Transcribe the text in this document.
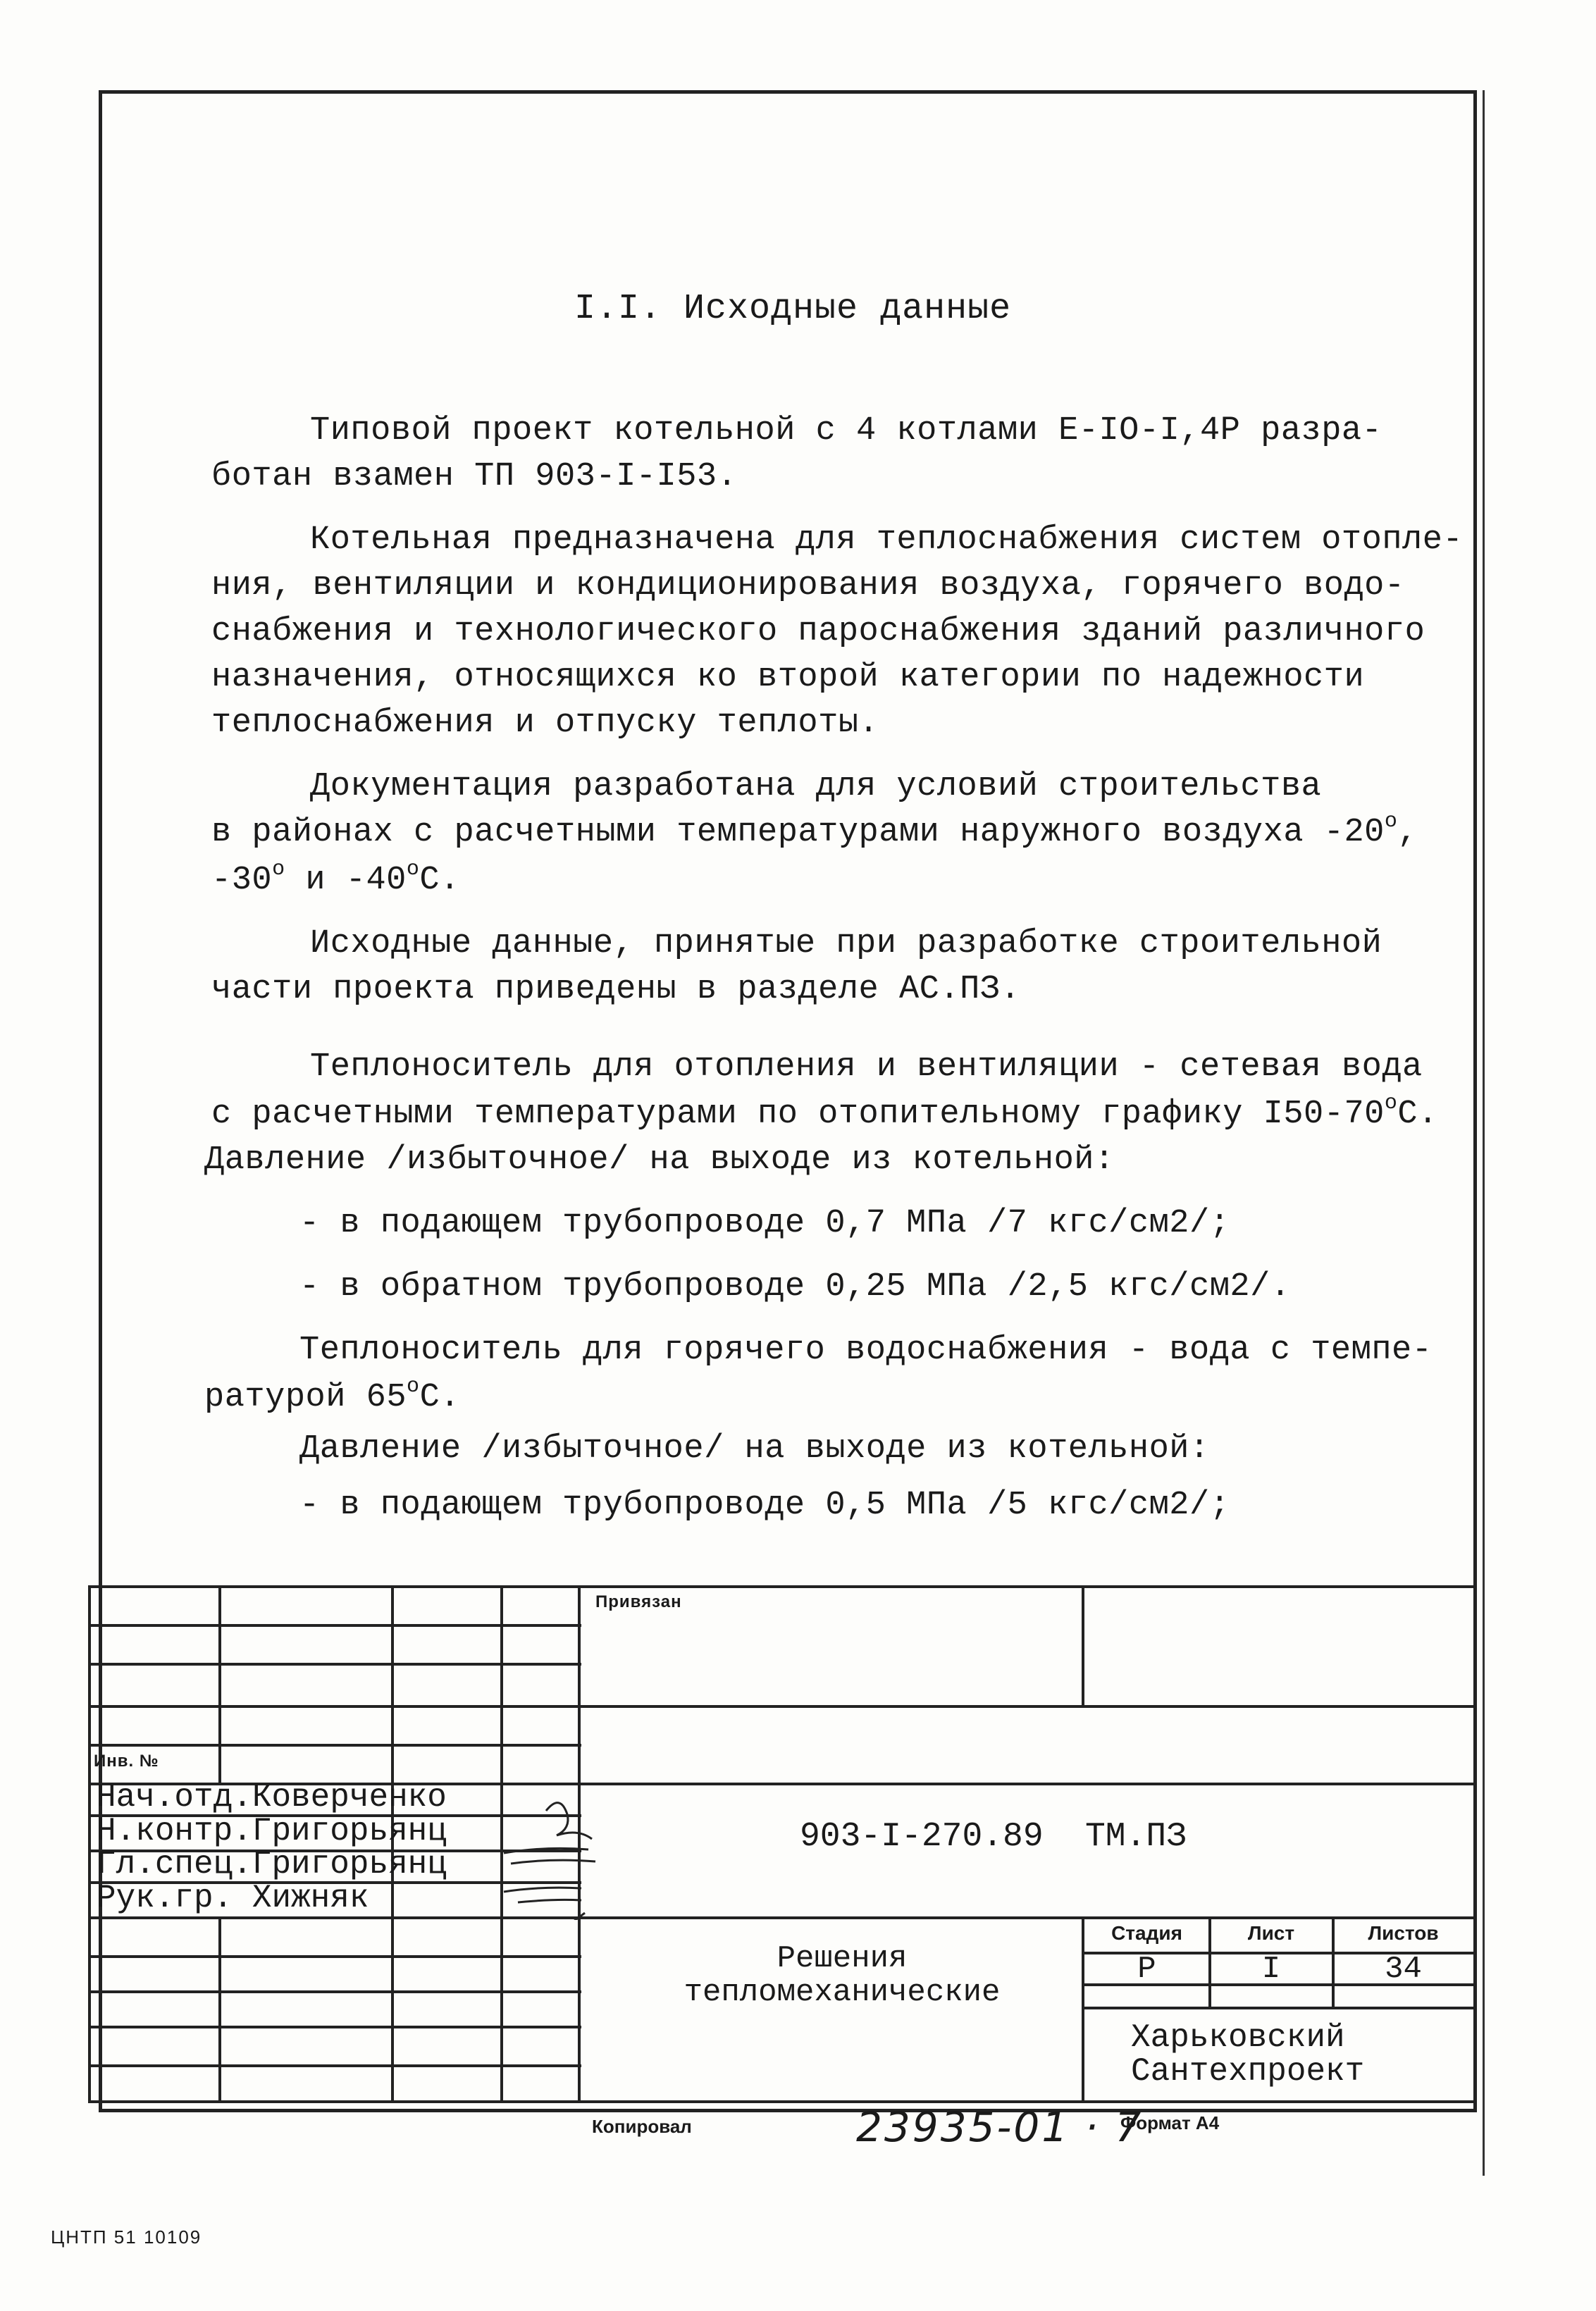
I.I. Исходные данные
Типовой проект котельной с 4 котлами Е-IO-I,4Р разра-
ботан взамен ТП 903-I-I53.
Котельная предназначена для теплоснабжения систем отопле-
ния, вентиляции и кондиционирования воздуха, горячего водо-
снабжения и технологического пароснабжения зданий различного
назначения, относящихся ко второй категории по надежности
теплоснабжения и отпуску теплоты.
Документация разработана для условий строительства
в районах с расчетными температурами наружного воздуха -20$^o$,
-30$^o$ и -40$^o$С.
Исходные данные, принятые при разработке строительной
части проекта приведены в разделе АС.ПЗ.
Теплоноситель для отопления и вентиляции - сетевая вода
с расчетными температурами по отопительному графику I50-70$^o$С.
Давление /избыточное/ на выходе из котельной:
- в подающем трубопроводе 0,7 МПа /7 кгс/см2/;
- в обратном трубопроводе 0,25 МПа /2,5 кгс/см2/.
Теплоноситель для горячего водоснабжения - вода с темпе-
ратурой 65$^o$С.
Давление /избыточное/ на выходе из котельной:
- в подающем трубопроводе 0,5 МПа /5 кгс/см2/;
Привязан
Инв. №
Нач.отд.Коверченко
Н.контр.Григорьянц
Гл.спец.Григорьянц
Рук.гр. Хижняк
903-I-270.89 ТМ.ПЗ
Решения
тепломеханические
Стадия	Лист	Листов
Р	I	34
Харьковский
Сантехпроект
Копировал	23935-01 · 7
Формат А4
ЦНТП 51 10109
